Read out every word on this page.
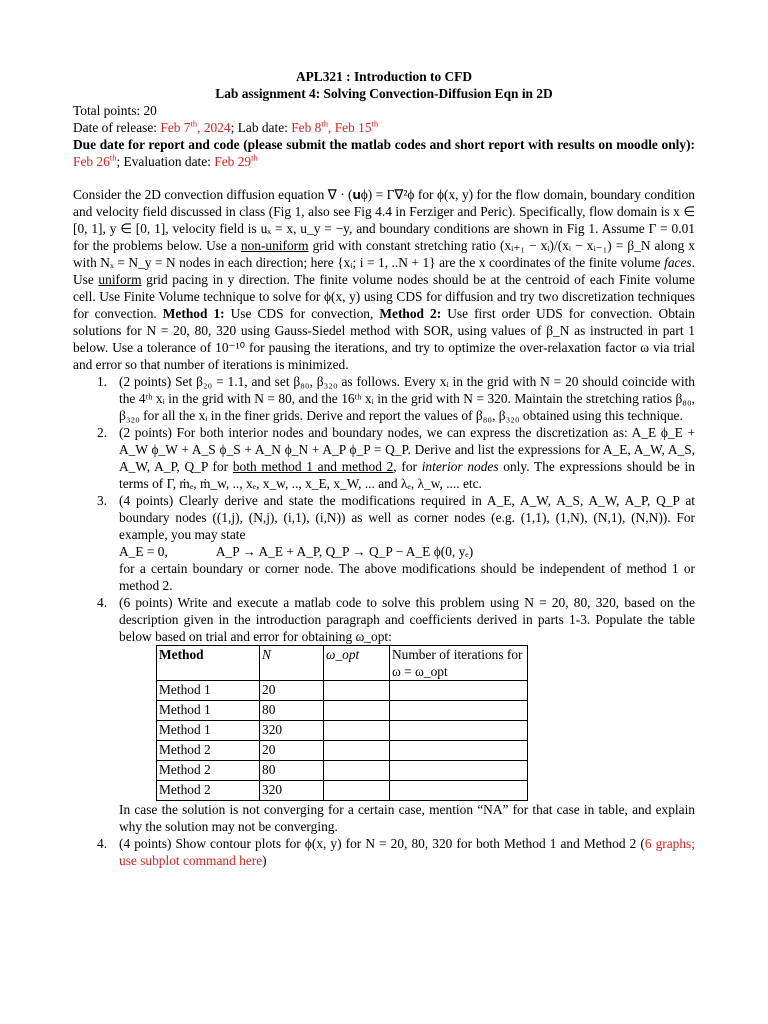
APL321 : Introduction to CFD
Lab assignment 4: Solving Convection-Diffusion Eqn in 2D
Total points: 20
Date of release: Feb 7th, 2024; Lab date: Feb 8th, Feb 15th
Due date for report and code (please submit the matlab codes and short report with results on moodle only): Feb 26th; Evaluation date: Feb 29th
Consider the 2D convection diffusion equation ∇ · (𝐮ϕ) = Γ∇²ϕ for ϕ(x, y) for the flow domain, boundary condition and velocity field discussed in class (Fig 1, also see Fig 4.4 in Ferziger and Peric). Specifically, flow domain is x ∈ [0, 1], y ∈ [0, 1], velocity field is uₓ = x, u_y = −y, and boundary conditions are shown in Fig 1. Assume Γ = 0.01 for the problems below. Use a non-uniform grid with constant stretching ratio (xᵢ₊₁ − xᵢ)/(xᵢ − xᵢ₋₁) = β_N along x with Nₓ = N_y = N nodes in each direction; here {xᵢ; i = 1, ..N + 1} are the x coordinates of the finite volume faces. Use uniform grid pacing in y direction. The finite volume nodes should be at the centroid of each Finite volume cell. Use Finite Volume technique to solve for ϕ(x, y) using CDS for diffusion and try two discretization techniques for convection. Method 1: Use CDS for convection, Method 2: Use first order UDS for convection. Obtain solutions for N = 20, 80, 320 using Gauss-Siedel method with SOR, using values of β_N as instructed in part 1 below. Use a tolerance of 10⁻¹⁰ for pausing the iterations, and try to optimize the over-relaxation factor ω via trial and error so that number of iterations is minimized.
1. (2 points) Set β₂₀ = 1.1, and set β₈₀, β₃₂₀ as follows. Every xᵢ in the grid with N = 20 should coincide with the 4ᵗʰ xᵢ in the grid with N = 80, and the 16ᵗʰ xᵢ in the grid with N = 320. Maintain the stretching ratios β₈₀, β₃₂₀ for all the xᵢ in the finer grids. Derive and report the values of β₈₀, β₃₂₀ obtained using this technique.
2. (2 points) For both interior nodes and boundary nodes, we can express the discretization as: A_E ϕ_E + A_W ϕ_W + A_S ϕ_S + A_N ϕ_N + A_P ϕ_P = Q_P. Derive and list the expressions for A_E, A_W, A_S, A_W, A_P, Q_P for both method 1 and method 2, for interior nodes only. The expressions should be in terms of Γ, ṁₑ, ṁ_w, .., xₑ, x_w, .., x_E, x_W, ... and λₑ, λ_w, .... etc.
3. (4 points) Clearly derive and state the modifications required in A_E, A_W, A_S, A_W, A_P, Q_P at boundary nodes ((1,j), (N,j), (i,1), (i,N)) as well as corner nodes (e.g. (1,1), (1,N), (N,1), (N,N)). For example, you may state
A_E = 0,	A_P → A_E + A_P, Q_P → Q_P − A_E ϕ(0, yₑ)
for a certain boundary or corner node. The above modifications should be independent of method 1 or method 2.
4. (6 points) Write and execute a matlab code to solve this problem using N = 20, 80, 320, based on the description given in the introduction paragraph and coefficients derived in parts 1-3. Populate the table below based on trial and error for obtaining ω_opt:
Method	N	ω_opt	Number of iterations for ω = ω_opt
Method 1	20		
Method 1	80		
Method 1	320		
Method 2	20		
Method 2	80		
Method 2	320		
In case the solution is not converging for a certain case, mention “NA” for that case in table, and explain why the solution may not be converging.
4. (4 points) Show contour plots for ϕ(x, y) for N = 20, 80, 320 for both Method 1 and Method 2 (6 graphs; use subplot command here)
